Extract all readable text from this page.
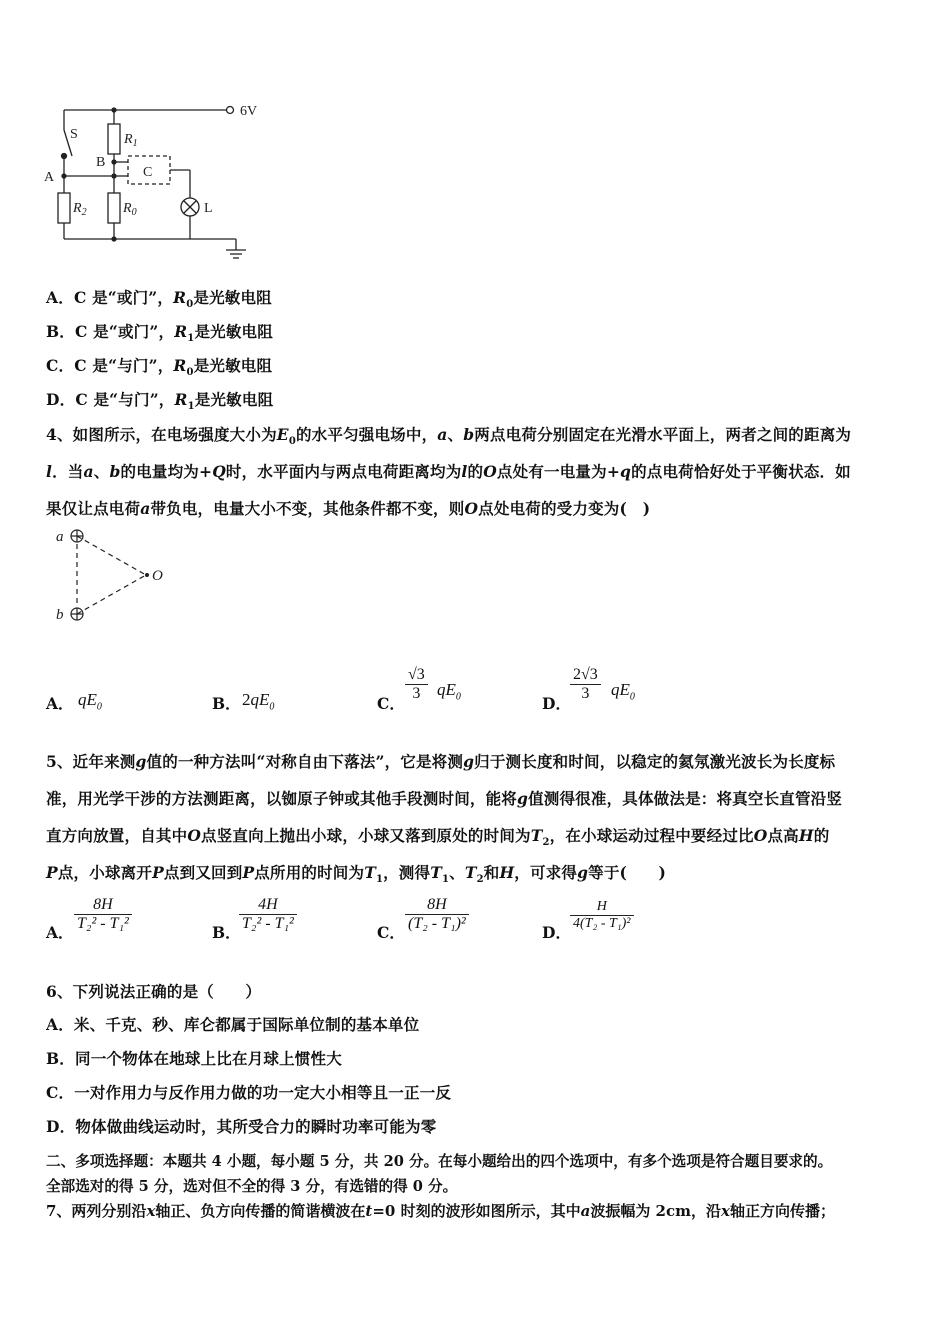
6V
S	$R_1$
B
A	C
$R_2$	$R_0$	L
A．C 是“或门”，$R_0$是光敏电阻
B．C 是“或门”，$R_1$是光敏电阻
C．C 是“与门”，$R_0$是光敏电阻
D．C 是“与门”，$R_1$是光敏电阻
4、如图所示，在电场强度大小为$E_0$的水平匀强电场中，a、b两点电荷分别固定在光滑水平面上，两者之间的距离为
l．当a、b的电量均为+Q时，水平面内与两点电荷距离均为l的O点处有一电量为+q的点电荷恰好处于平衡状态．如
果仅让点电荷a带负电，电量大小不变，其他条件都不变，则O点处电荷的受力变为(　)
a
b
O
A． $qE_0$	B． $2qE_0$	C．
$\frac{√3}{3} qE_0$	D．
$\frac{2√3}{3} qE_0$
5、近年来测g值的一种方法叫“对称自由下落法”，它是将测g归于测长度和时间，以稳定的氦氖激光波长为长度标
准，用光学干涉的方法测距离，以铷原子钟或其他手段测时间，能将g值测得很准，具体做法是：将真空长直管沿竖
直方向放置，自其中O点竖直向上抛出小球，小球又落到原处的时间为$T_2$，在小球运动过程中要经过比O点高H的
P点，小球离开P点到又回到P点所用的时间为$T_1$，测得$T_1$、$T_2$和H，可求得g等于(　　)
A． $\frac{8H}{\text{T₂² - T₁²}}$	B．
$\frac{4H}{\text{T₂² - T₁²}}$	C． $\frac{8H}{\text{(T₂ - T₁)²}}$	D．
$\frac{H}{\text{4(T₂ - T₁)²}}$
6、下列说法正确的是（　　）
A．米、千克、秒、库仑都属于国际单位制的基本单位
B．同一个物体在地球上比在月球上惯性大
C．一对作用力与反作用力做的功一定大小相等且一正一反
D．物体做曲线运动时，其所受合力的瞬时功率可能为零
二、多项选择题：本题共 4 小题，每小题 5 分，共 20 分。在每小题给出的四个选项中，有多个选项是符合题目要求的。
全部选对的得 5 分，选对但不全的得 3 分，有选错的得 0 分。
7、两列分别沿x轴正、负方向传播的简谐横波在t=0 时刻的波形如图所示，其中a波振幅为 2cm，沿x轴正方向传播；
